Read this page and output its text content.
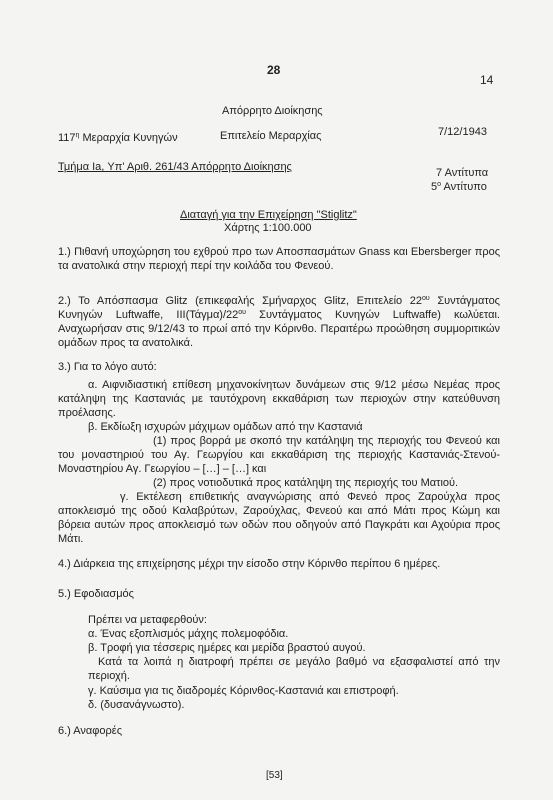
28
14
Απόρρητο Διοίκησης
$117^\eta$ Μεραρχία Κυνηγών	Επιτελείο Μεραρχίας	7/12/1943
Τμήμα Ia, Υπ' Αριθ. 261/43 Απόρρητο Διοίκησης	7 Αντίτυπα
$5^o$ Αντίτυπο
Διαταγή για την Επιχείρηση "Stiglitz"
Χάρτης 1:100.000
1.) Πιθανή υποχώρηση του εχθρού προ των Αποσπασμάτων Gnass και Ebersberger προς τα ανατολικά στην περιοχή περί την κοιλάδα του Φενεού.
2.) Το Απόσπασμα Glitz (επικεφαλής Σμήναρχος Glitz, Επιτελείο $22^{o\upsilon}$ Συντάγματος Κυνηγών Luftwaffe, $III(Tά\gamma\mu\alpha)/22^{o\upsilon}$ Συντάγματος Κυνηγών Luftwaffe) κωλύεται. Αναχωρήσαν στις 9/12/43 το πρωί από την Κόρινθο. Περαιτέρω προώθηση συμμοριτικών ομάδων προς τα ανατολικά.
3.) Για το λόγο αυτό:
α. Αιφνιδιαστική επίθεση μηχανοκίνητων δυνάμεων στις 9/12 μέσω Νεμέας προς κατάληψη της Καστανιάς με ταυτόχρονη εκκαθάριση των περιοχών στην κατεύθυνση προέλασης.
β. Εκδίωξη ισχυρών μάχιμων ομάδων από την Καστανιά
(1) προς βορρά με σκοπό την κατάληψη της περιοχής του Φενεού και του μοναστηριού του Αγ. Γεωργίου και εκκαθάριση της περιοχής Καστανιάς-Στενού-Μοναστηρίου Αγ. Γεωργίου – […] – […] και
(2) προς νοτιοδυτικά προς κατάληψη της περιοχής του Ματιού.
γ. Εκτέλεση επιθετικής αναγνώρισης από Φενεό προς Ζαρούχλα προς αποκλεισμό της οδού Καλαβρύτων, Ζαρούχλας, Φενεού και από Μάτι προς Κώμη και βόρεια αυτών προς αποκλεισμό των οδών που οδηγούν από Παγκράτι και Αχούρια προς Μάτι.
4.) Διάρκεια της επιχείρησης μέχρι την είσοδο στην Κόρινθο περίπου 6 ημέρες.
5.) Εφοδιασμός
Πρέπει να μεταφερθούν:
α. Ένας εξοπλισμός μάχης πολεμοφόδια.
β. Τροφή για τέσσερις ημέρες και μερίδα βραστού αυγού.
Κατά τα λοιπά η διατροφή πρέπει σε μεγάλο βαθμό να εξασφαλιστεί από την περιοχή.
γ. Καύσιμα για τις διαδρομές Κόρινθος-Καστανιά και επιστροφή.
δ. (δυσανάγνωστο).
6.) Αναφορές
[53]
